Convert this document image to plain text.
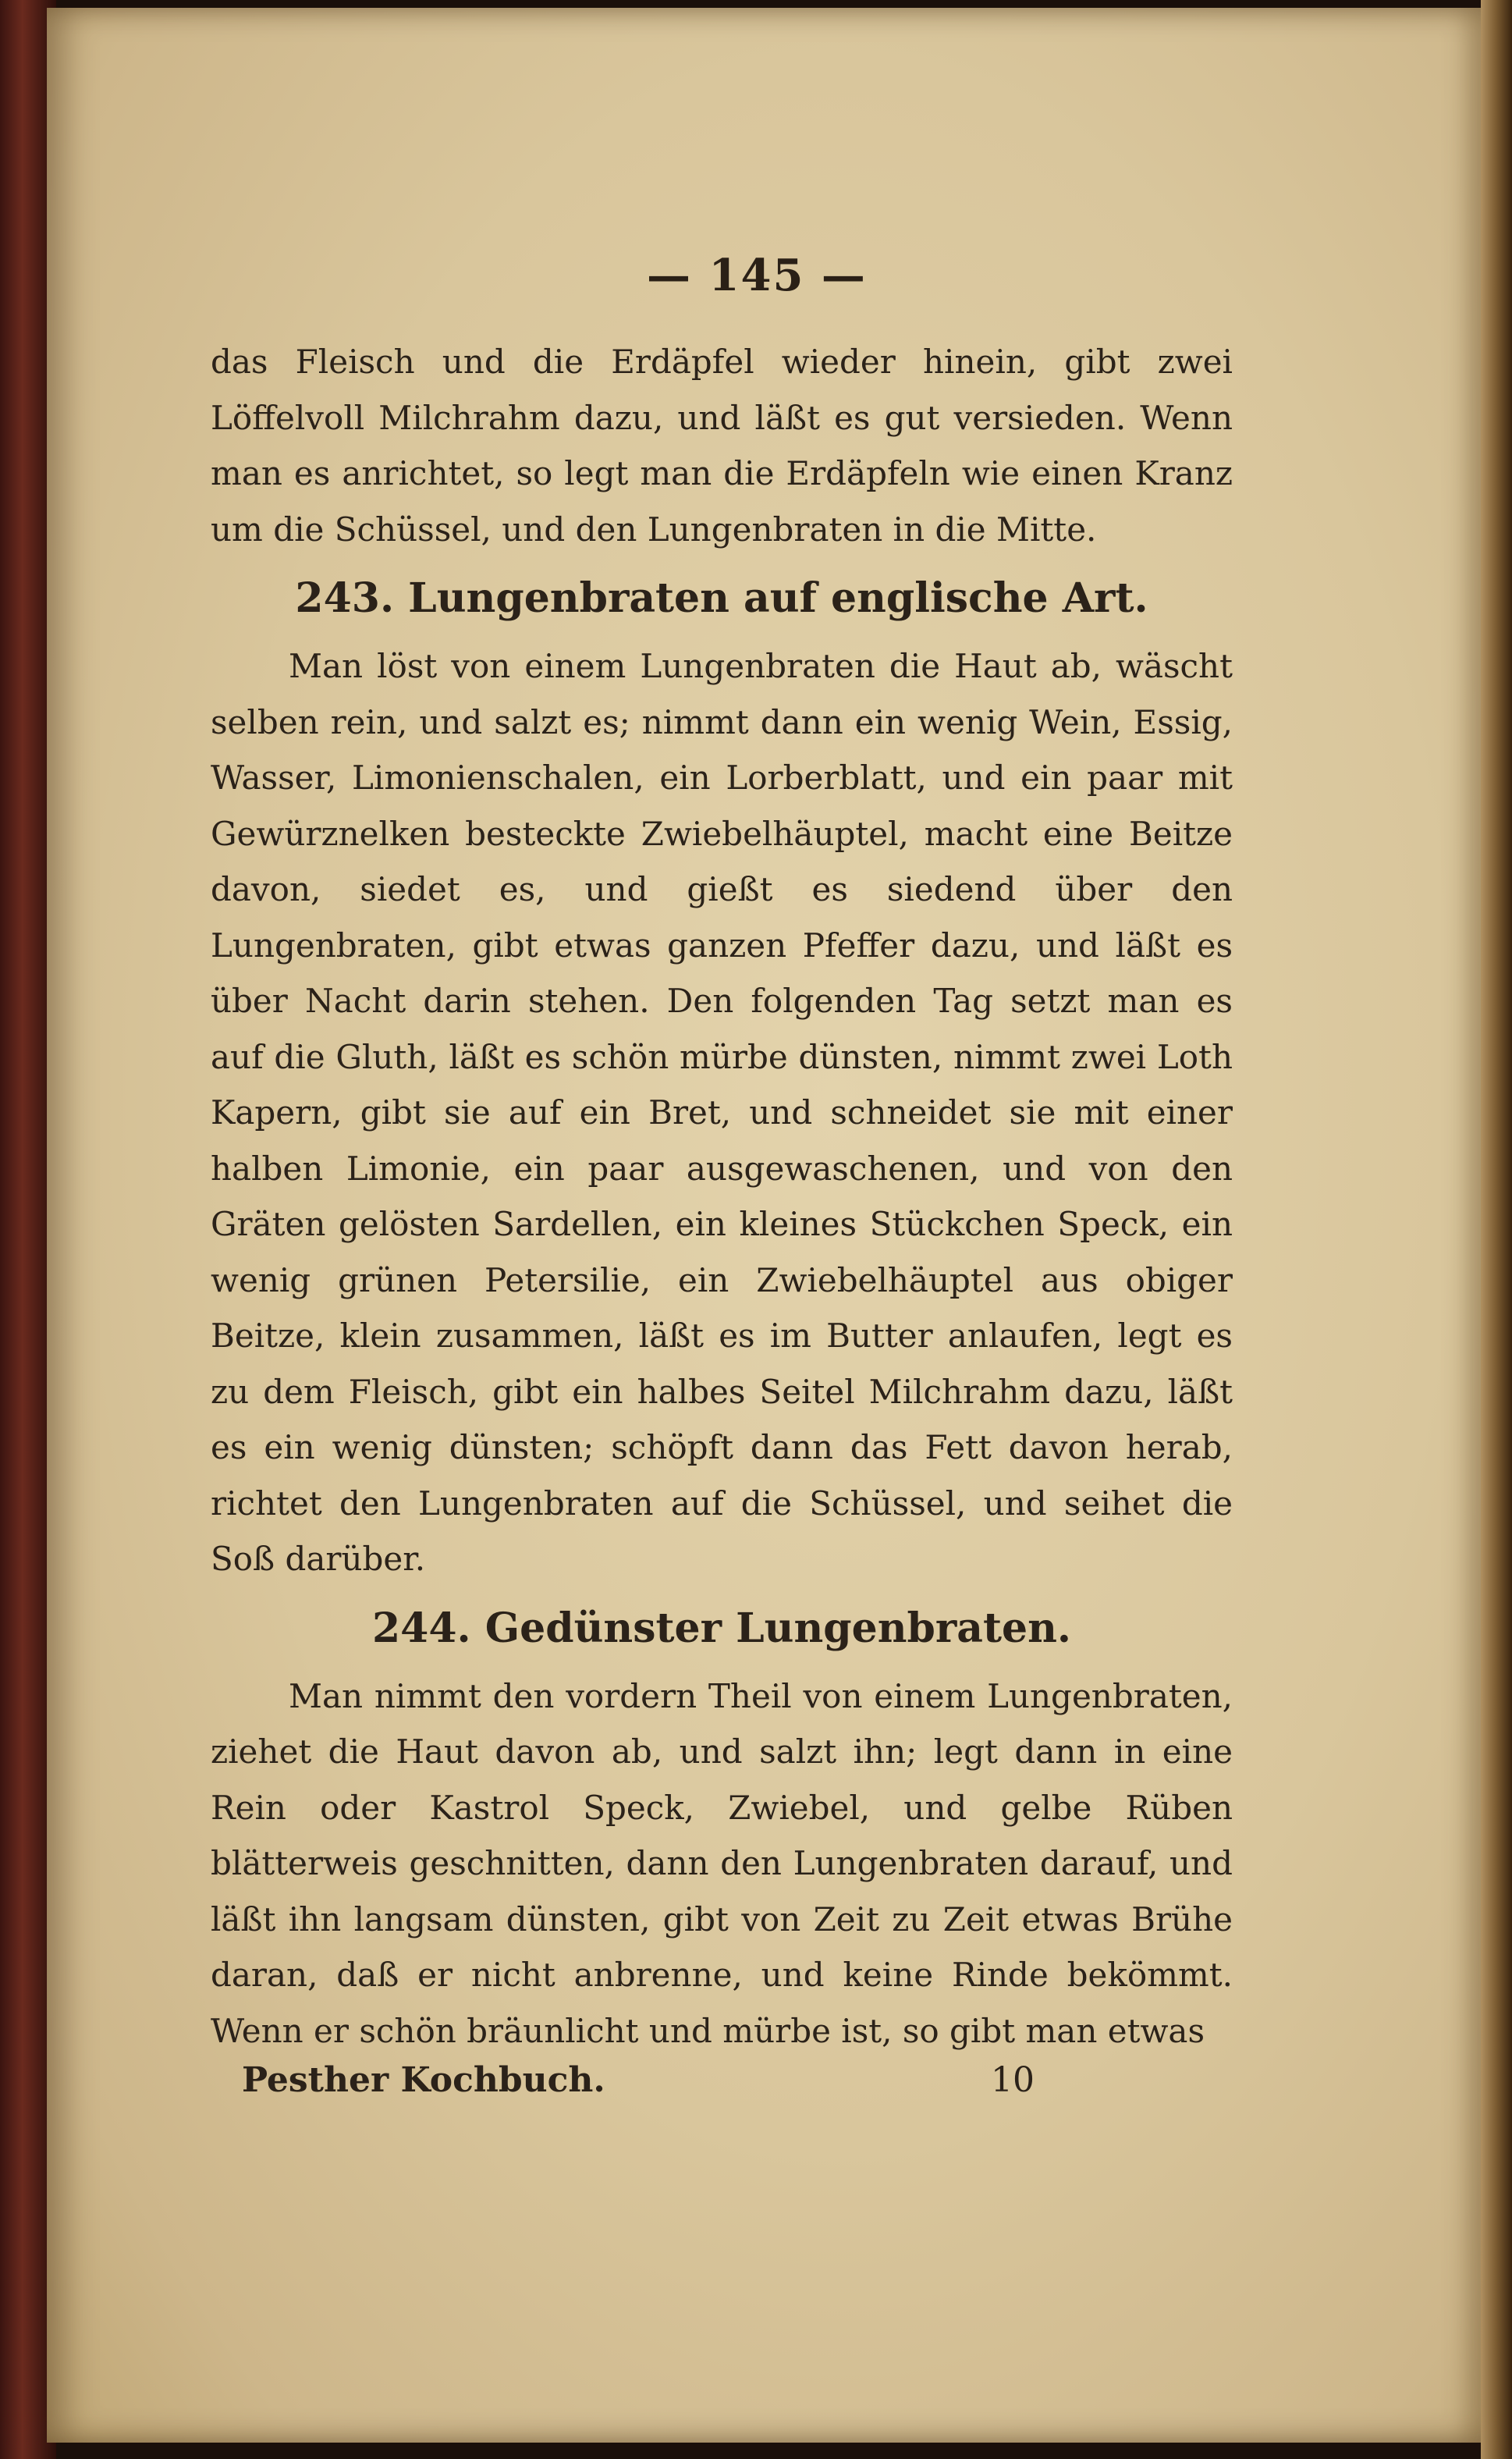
— 145 —

das Fleisch und die Erdäpfel wieder hinein, gibt zwei Löffelvoll Milchrahm dazu, und läßt es gut versieden. Wenn man es anrichtet, so legt man die Erdäpfeln wie einen Kranz um die Schüssel, und den Lungenbraten in die Mitte.

243. Lungenbraten auf englische Art.

Man löst von einem Lungenbraten die Haut ab, wäscht selben rein, und salzt es; nimmt dann ein wenig Wein, Essig, Wasser, Limonienschalen, ein Lorberblatt, und ein paar mit Gewürznelken besteckte Zwiebelhäuptel, macht eine Beitze davon, siedet es, und gießt es siedend über den Lungenbraten, gibt etwas ganzen Pfeffer dazu, und läßt es über Nacht darin stehen. Den folgenden Tag setzt man es auf die Gluth, läßt es schön mürbe dünsten, nimmt zwei Loth Kapern, gibt sie auf ein Bret, und schneidet sie mit einer halben Limonie, ein paar ausgewaschenen, und von den Gräten gelösten Sardellen, ein kleines Stückchen Speck, ein wenig grünen Petersilie, ein Zwiebelhäuptel aus obiger Beitze, klein zusammen, läßt es im Butter anlaufen, legt es zu dem Fleisch, gibt ein halbes Seitel Milchrahm dazu, läßt es ein wenig dünsten; schöpft dann das Fett davon herab, richtet den Lungenbraten auf die Schüssel, und seihet die Soß darüber.

244. Gedünster Lungenbraten.

Man nimmt den vordern Theil von einem Lungenbraten, ziehet die Haut davon ab, und salzt ihn; legt dann in eine Rein oder Kastrol Speck, Zwiebel, und gelbe Rüben blätterweis geschnitten, dann den Lungenbraten darauf, und läßt ihn langsam dünsten, gibt von Zeit zu Zeit etwas Brühe daran, daß er nicht anbrenne, und keine Rinde bekömmt. Wenn er schön bräunlicht und mürbe ist, so gibt man etwas

Pesther Kochbuch.	10
